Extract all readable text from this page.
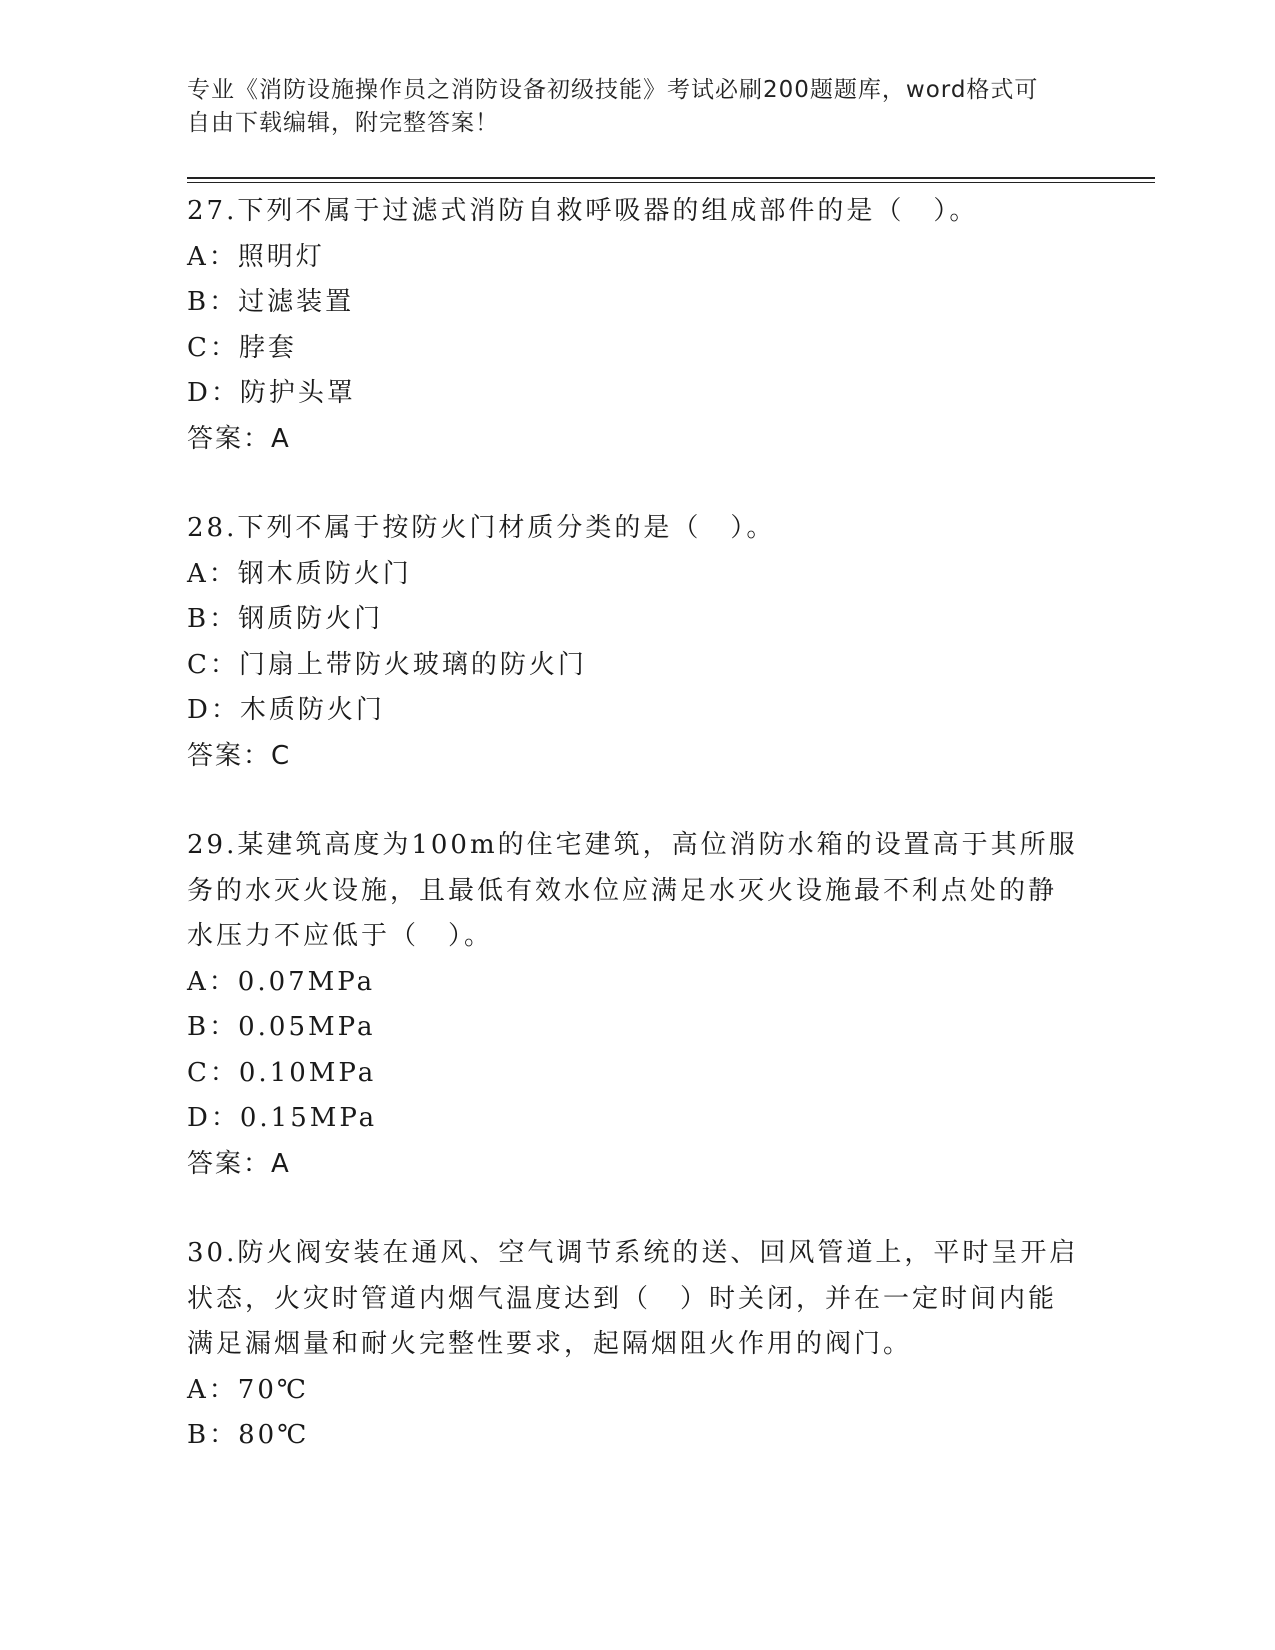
专业《消防设施操作员之消防设备初级技能》考试必刷200题题库，word格式可
自由下载编辑，附完整答案！

27.下列不属于过滤式消防自救呼吸器的组成部件的是（　）。

A：照明灯

B：过滤装置

C：脖套

D：防护头罩

答案：A

28.下列不属于按防火门材质分类的是（　）。

A：钢木质防火门

B：钢质防火门

C：门扇上带防火玻璃的防火门

D：木质防火门

答案：C

29.某建筑高度为100m的住宅建筑，高位消防水箱的设置高于其所服

务的水灭火设施，且最低有效水位应满足水灭火设施最不利点处的静

水压力不应低于（　）。

A：0.07MPa

B：0.05MPa

C：0.10MPa

D：0.15MPa

答案：A

30.防火阀安装在通风、空气调节系统的送、回风管道上，平时呈开启

状态，火灾时管道内烟气温度达到（　）时关闭，并在一定时间内能

满足漏烟量和耐火完整性要求，起隔烟阻火作用的阀门。

A：70℃

B：80℃
